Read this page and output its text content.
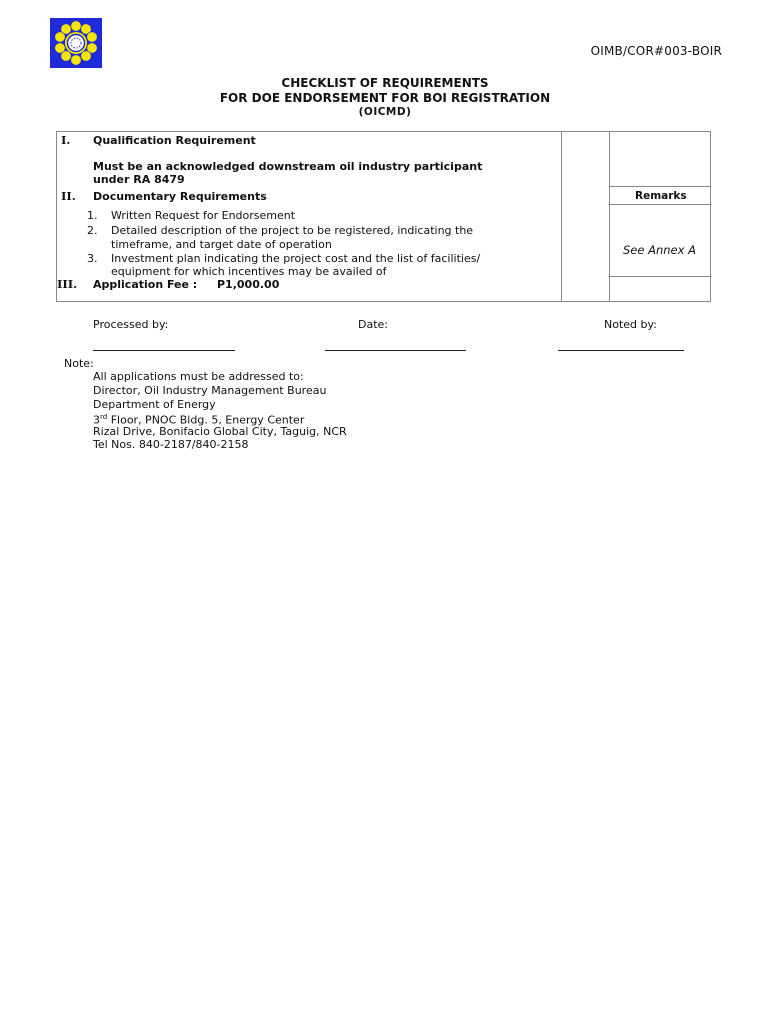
OIMB/COR#003-BOIR
CHECKLIST OF REQUIREMENTS
FOR DOE ENDORSEMENT FOR BOI REGISTRATION
(OICMD)
I. Qualification Requirement
Must be an acknowledged downstream oil industry participant
under RA 8479
II. Documentary Requirements	Remarks
1. Written Request for Endorsement
2. Detailed description of the project to be registered, indicating the
timeframe, and target date of operation
3. Investment plan indicating the project cost and the list of facilities/
equipment for which incentives may be availed of
See Annex A
III. Application Fee : P1,000.00
Processed by:	Date:	Noted by:
Note:
All applications must be addressed to:
Director, Oil Industry Management Bureau
Department of Energy
3rd Floor, PNOC Bldg. 5, Energy Center
Rizal Drive, Bonifacio Global City, Taguig, NCR
Tel Nos. 840-2187/840-2158
